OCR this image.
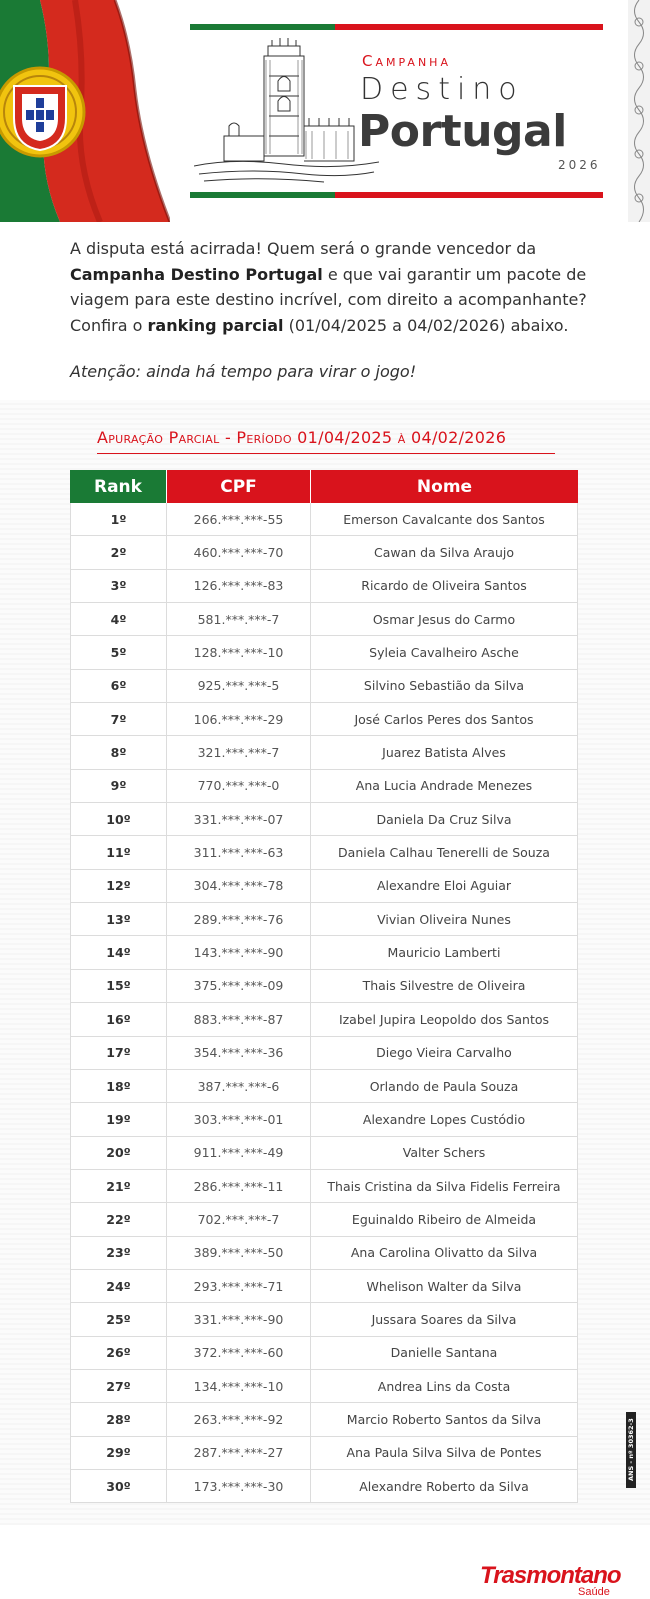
Campanha
Destino
Portugal
2026

A disputa está acirrada! Quem será o grande vencedor da Campanha Destino Portugal e que vai garantir um pacote de viagem para este destino incrível, com direito a acompanhante? Confira o ranking parcial (01/04/2025 a 04/02/2026) abaixo.

Atenção: ainda há tempo para virar o jogo!

Apuração Parcial - Período 01/04/2025 à 04/02/2026
Rank	CPF	Nome
1º	266.***.***-55	Emerson Cavalcante dos Santos
2º	460.***.***-70	Cawan da Silva Araujo
3º	126.***.***-83	Ricardo de Oliveira Santos
4º	581.***.***-7	Osmar Jesus do Carmo
5º	128.***.***-10	Syleia Cavalheiro Asche
6º	925.***.***-5	Silvino Sebastião da Silva
7º	106.***.***-29	José Carlos Peres dos Santos
8º	321.***.***-7	Juarez Batista Alves
9º	770.***.***-0	Ana Lucia Andrade Menezes
10º	331.***.***-07	Daniela Da Cruz Silva
11º	311.***.***-63	Daniela Calhau Tenerelli de Souza
12º	304.***.***-78	Alexandre Eloi Aguiar
13º	289.***.***-76	Vivian Oliveira Nunes
14º	143.***.***-90	Mauricio Lamberti
15º	375.***.***-09	Thais Silvestre de Oliveira
16º	883.***.***-87	Izabel Jupira Leopoldo dos Santos
17º	354.***.***-36	Diego Vieira Carvalho
18º	387.***.***-6	Orlando de Paula Souza
19º	303.***.***-01	Alexandre Lopes Custódio
20º	911.***.***-49	Valter Schers
21º	286.***.***-11	Thais Cristina da Silva Fidelis Ferreira
22º	702.***.***-7	Eguinaldo Ribeiro de Almeida
23º	389.***.***-50	Ana Carolina Olivatto da Silva
24º	293.***.***-71	Whelison Walter da Silva
25º	331.***.***-90	Jussara Soares da Silva
26º	372.***.***-60	Danielle Santana
27º	134.***.***-10	Andrea Lins da Costa
28º	263.***.***-92	Marcio Roberto Santos da Silva
29º	287.***.***-27	Ana Paula Silva Silva de Pontes
30º	173.***.***-30	Alexandre Roberto da Silva
ANS - nº 30362-3
Trasmontano
Saúde
